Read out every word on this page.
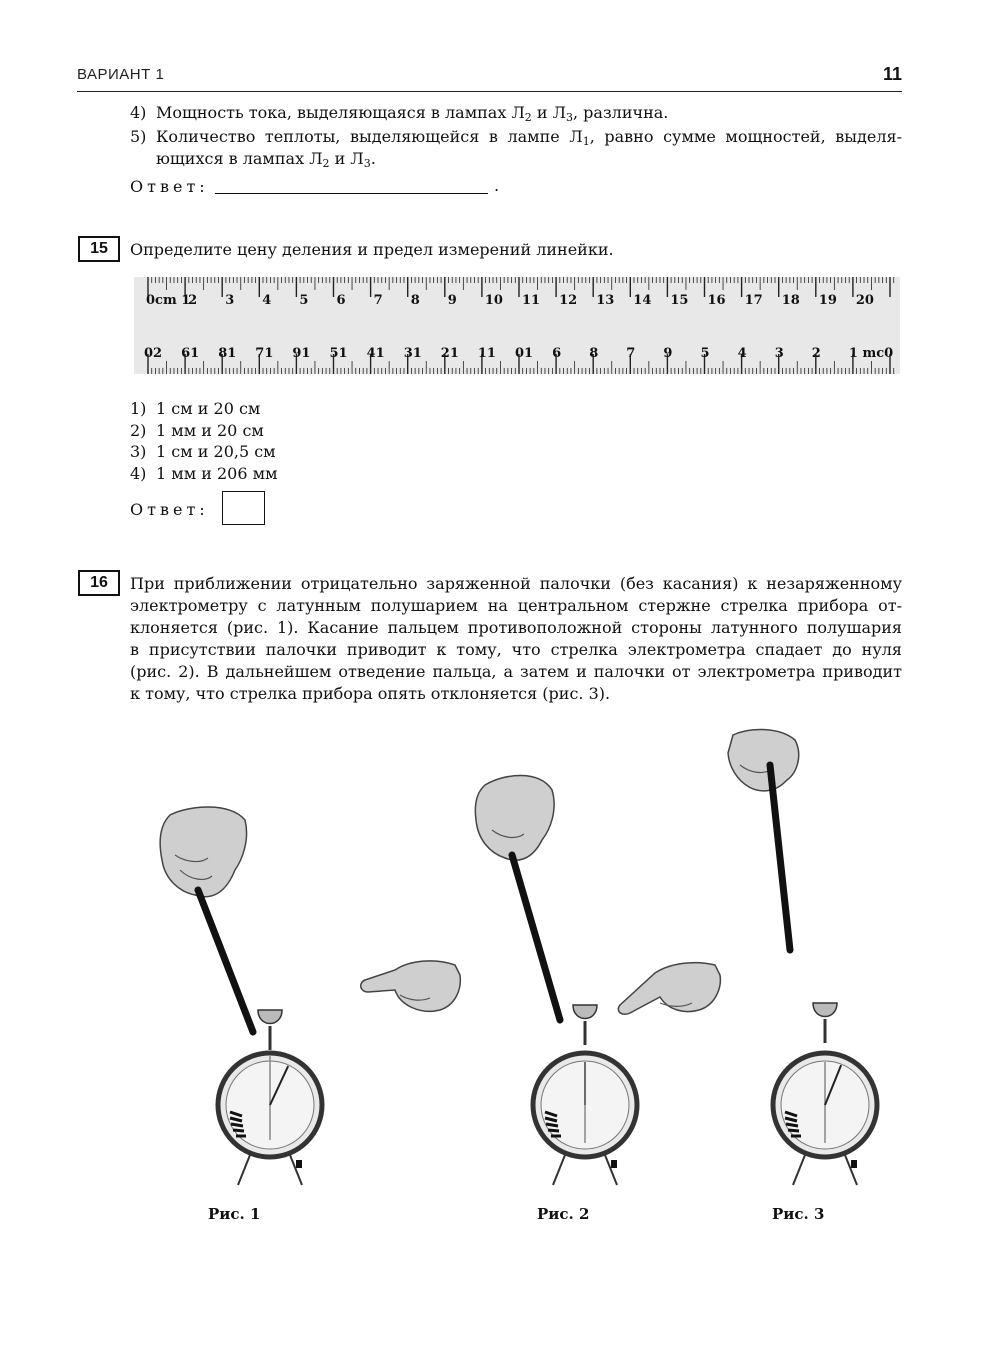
ВАРИАНТ 1	11
4) Мощность тока, выделяющаяся в лампах $Л_2$ и $Л_3$, различна.
5) Количество теплоты, выделяющейся в лампе $Л_1$, равно сумме мощностей, выделя-
ющихся в лампах $Л_2$ и $Л_3$.
Ответ:	.
15	Определите цену деления и предел измерений линейки.
0cm 1
2 3 4 5 6 7 8 9 10 11 12 13 14 15 16 17 18 19 20
02 61 81 71 91 51 41 31 21 11 01 6 8 7 9 5 4 3 2 1 mc0
1) 1 см и 20 см
2) 1 мм и 20 см
3) 1 см и 20,5 см
4) 1 мм и 206 мм
Ответ:
16	При приближении отрицательно заряженной палочки (без касания) к незаряженному
электрометру с латунным полушарием на центральном стержне стрелка прибора от-
клоняется (рис. 1). Касание пальцем противоположной стороны латунного полушария
в присутствии палочки приводит к тому, что стрелка электрометра спадает до нуля
(рис. 2). В дальнейшем отведение пальца, а затем и палочки от электрометра приводит
к тому, что стрелка прибора опять отклоняется (рис. 3).
Рис. 1	Рис. 2	Рис. 3
